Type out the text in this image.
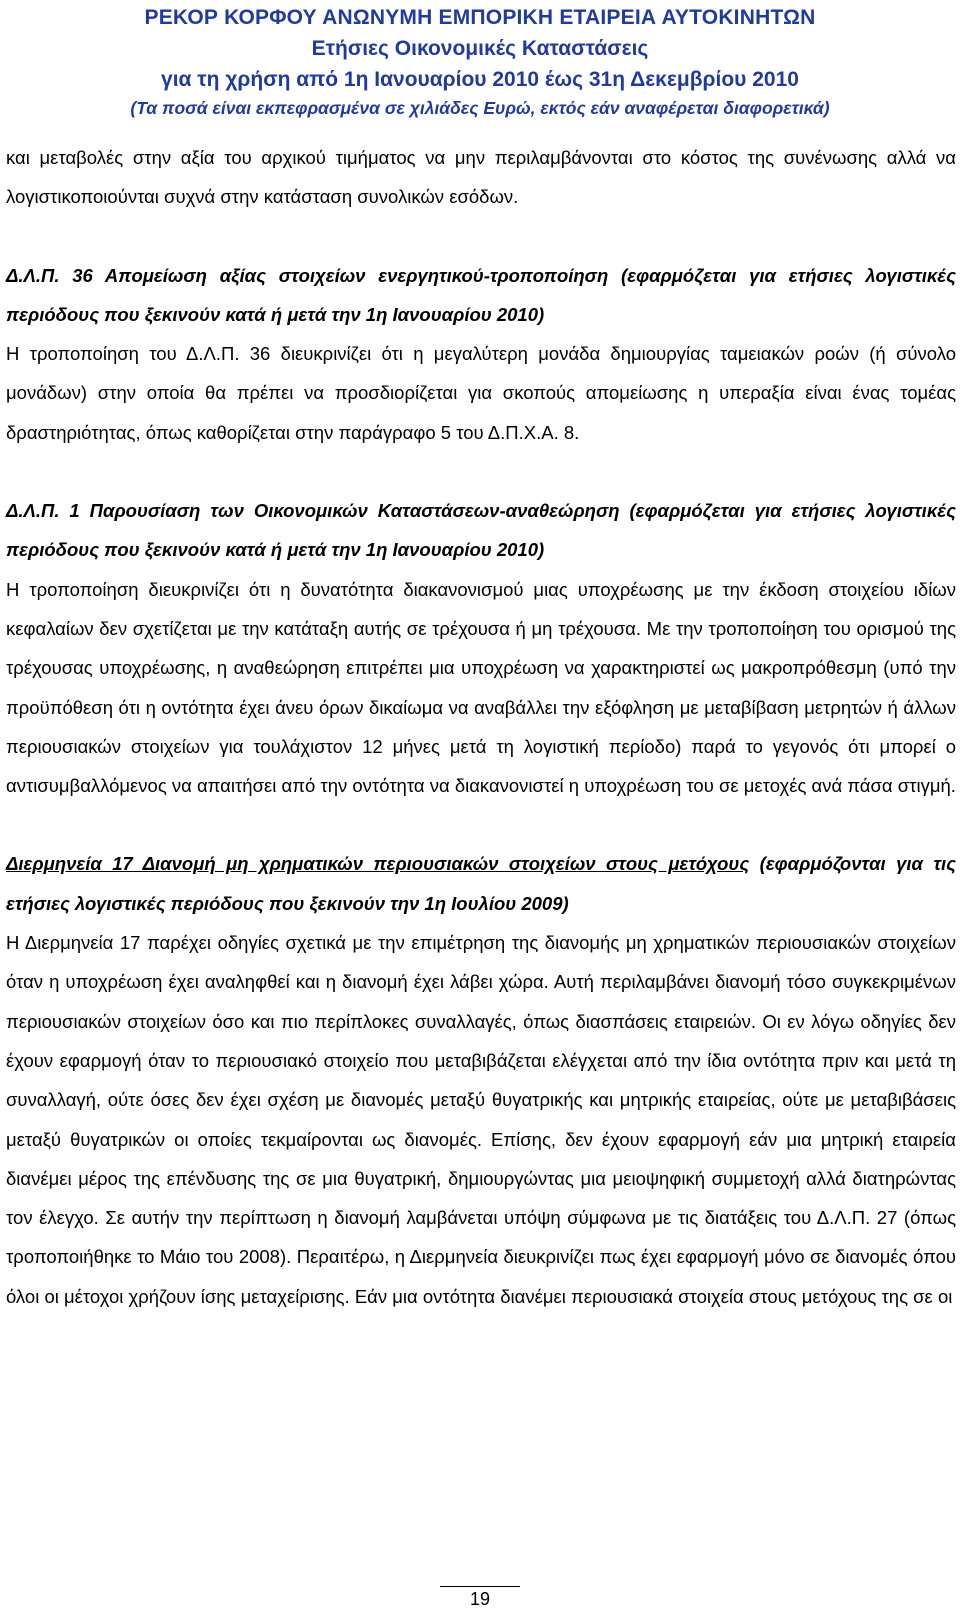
ΡΕΚΟΡ ΚΟΡΦΟΥ ΑΝΩΝΥΜΗ ΕΜΠΟΡΙΚΗ ΕΤΑΙΡΕΙΑ ΑΥΤΟΚΙΝΗΤΩΝ
Ετήσιες Οικονομικές Καταστάσεις
για τη χρήση από 1η Ιανουαρίου 2010 έως 31η Δεκεμβρίου 2010
(Τα ποσά είναι εκπεφρασμένα σε χιλιάδες Ευρώ, εκτός εάν αναφέρεται διαφορετικά)

και μεταβολές στην αξία του αρχικού τιμήματος να μην περιλαμβάνονται στο κόστος της συνένωσης αλλά να λογιστικοποιούνται συχνά στην κατάσταση συνολικών εσόδων.

Δ.Λ.Π. 36 Απομείωση αξίας στοιχείων ενεργητικού-τροποποίηση (εφαρμόζεται για ετήσιες λογιστικές περιόδους που ξεκινούν κατά ή μετά την 1η Ιανουαρίου 2010)

Η τροποποίηση του Δ.Λ.Π. 36 διευκρινίζει ότι η μεγαλύτερη μονάδα δημιουργίας ταμειακών ροών (ή σύνολο μονάδων) στην οποία θα πρέπει να προσδιορίζεται για σκοπούς απομείωσης η υπεραξία είναι ένας τομέας δραστηριότητας, όπως καθορίζεται στην παράγραφο 5 του Δ.Π.Χ.Α. 8.

Δ.Λ.Π. 1 Παρουσίαση των Οικονομικών Καταστάσεων-αναθεώρηση (εφαρμόζεται για ετήσιες λογιστικές περιόδους που ξεκινούν κατά ή μετά την 1η Ιανουαρίου 2010)

Η τροποποίηση διευκρινίζει ότι η δυνατότητα διακανονισμού μιας υποχρέωσης με την έκδοση στοιχείου ιδίων κεφαλαίων δεν σχετίζεται με την κατάταξη αυτής σε τρέχουσα ή μη τρέχουσα. Με την τροποποίηση του ορισμού της τρέχουσας υποχρέωσης, η αναθεώρηση επιτρέπει μια υποχρέωση να χαρακτηριστεί ως μακροπρόθεσμη (υπό την προϋπόθεση ότι η οντότητα έχει άνευ όρων δικαίωμα να αναβάλλει την εξόφληση με μεταβίβαση μετρητών ή άλλων περιουσιακών στοιχείων για τουλάχιστον 12 μήνες μετά τη λογιστική περίοδο) παρά το γεγονός ότι μπορεί ο αντισυμβαλλόμενος να απαιτήσει από την οντότητα να διακανονιστεί η υποχρέωση του σε μετοχές ανά πάσα στιγμή.

Διερμηνεία 17 Διανομή μη χρηματικών περιουσιακών στοιχείων στους μετόχους (εφαρμόζονται για τις ετήσιες λογιστικές περιόδους που ξεκινούν την 1η Ιουλίου 2009)

Η Διερμηνεία 17 παρέχει οδηγίες σχετικά με την επιμέτρηση της διανομής μη χρηματικών περιουσιακών στοιχείων όταν η υποχρέωση έχει αναληφθεί και η διανομή έχει λάβει χώρα. Αυτή περιλαμβάνει διανομή τόσο συγκεκριμένων περιουσιακών στοιχείων όσο και πιο περίπλοκες συναλλαγές, όπως διασπάσεις εταιρειών. Οι εν λόγω οδηγίες δεν έχουν εφαρμογή όταν το περιουσιακό στοιχείο που μεταβιβάζεται ελέγχεται από την ίδια οντότητα πριν και μετά τη συναλλαγή, ούτε όσες δεν έχει σχέση με διανομές μεταξύ θυγατρικής και μητρικής εταιρείας, ούτε με μεταβιβάσεις μεταξύ θυγατρικών οι οποίες τεκμαίρονται ως διανομές. Επίσης, δεν έχουν εφαρμογή εάν μια μητρική εταιρεία διανέμει μέρος της επένδυσης της σε μια θυγατρική, δημιουργώντας μια μειοψηφική συμμετοχή αλλά διατηρώντας τον έλεγχο. Σε αυτήν την περίπτωση η διανομή λαμβάνεται υπόψη σύμφωνα με τις διατάξεις του Δ.Λ.Π. 27 (όπως τροποποιήθηκε το Μάιο του 2008). Περαιτέρω, η Διερμηνεία διευκρινίζει πως έχει εφαρμογή μόνο σε διανομές όπου όλοι οι μέτοχοι χρήζουν ίσης μεταχείρισης. Εάν μια οντότητα διανέμει περιουσιακά στοιχεία στους μετόχους της σε οι

19
